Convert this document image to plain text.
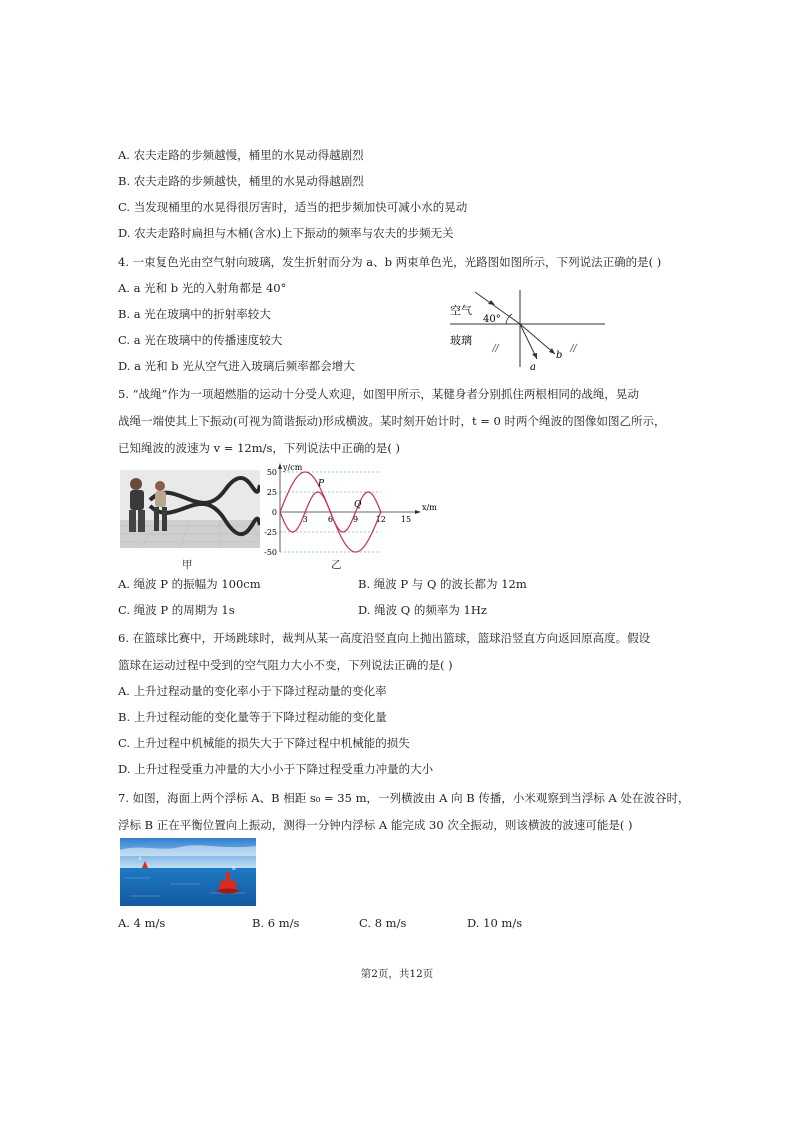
A. 农夫走路的步频越慢，桶里的水晃动得越剧烈
B. 农夫走路的步频越快，桶里的水晃动得越剧烈
C. 当发现桶里的水晃得很厉害时，适当的把步频加快可减小水的晃动
D. 农夫走路时扁担与木桶(含水)上下振动的频率与农夫的步频无关
4. 一束复色光由空气射向玻璃，发生折射而分为 a、b 两束单色光，光路图如图所示，下列说法正确的是( )
A. a 光和 b 光的入射角都是 40°
B. a 光在玻璃中的折射率较大
C. a 光在玻璃中的传播速度较大
D. a 光和 b 光从空气进入玻璃后频率都会增大
空气
玻璃
40°
a
b
5. “战绳”作为一项超燃脂的运动十分受人欢迎，如图甲所示，某健身者分别抓住两根相同的战绳，晃动
战绳一端使其上下振动(可视为简谐振动)形成横波。某时刻开始计时，t = 0 时两个绳波的图像如图乙所示，
已知绳波的波速为 v = 12m/s，下列说法中正确的是( )
甲
y/cm
x/m
50
25
0
-25
-50
3	6	9 12 15
P
Q
乙
A. 绳波 P 的振幅为 100cm	B. 绳波 P 与 Q 的波长都为 12m
C. 绳波 P 的周期为 1s	D. 绳波 Q 的频率为 1Hz
6. 在篮球比赛中，开场跳球时，裁判从某一高度沿竖直向上抛出篮球，篮球沿竖直方向返回原高度。假设
篮球在运动过程中受到的空气阻力大小不变，下列说法正确的是( )
A. 上升过程动量的变化率小于下降过程动量的变化率
B. 上升过程动能的变化量等于下降过程动能的变化量
C. 上升过程中机械能的损失大于下降过程中机械能的损失
D. 上升过程受重力冲量的大小小于下降过程受重力冲量的大小
7. 如图，海面上两个浮标 A、B 相距 s₀ = 35 m，一列横波由 A 向 B 传播，小米观察到当浮标 A 处在波谷时，
浮标 B 正在平衡位置向上振动，测得一分钟内浮标 A 能完成 30 次全振动，则该横波的波速可能是( )
A
B
A. 4 m/s	B. 6 m/s	C. 8 m/s	D. 10 m/s
第2页，共12页
